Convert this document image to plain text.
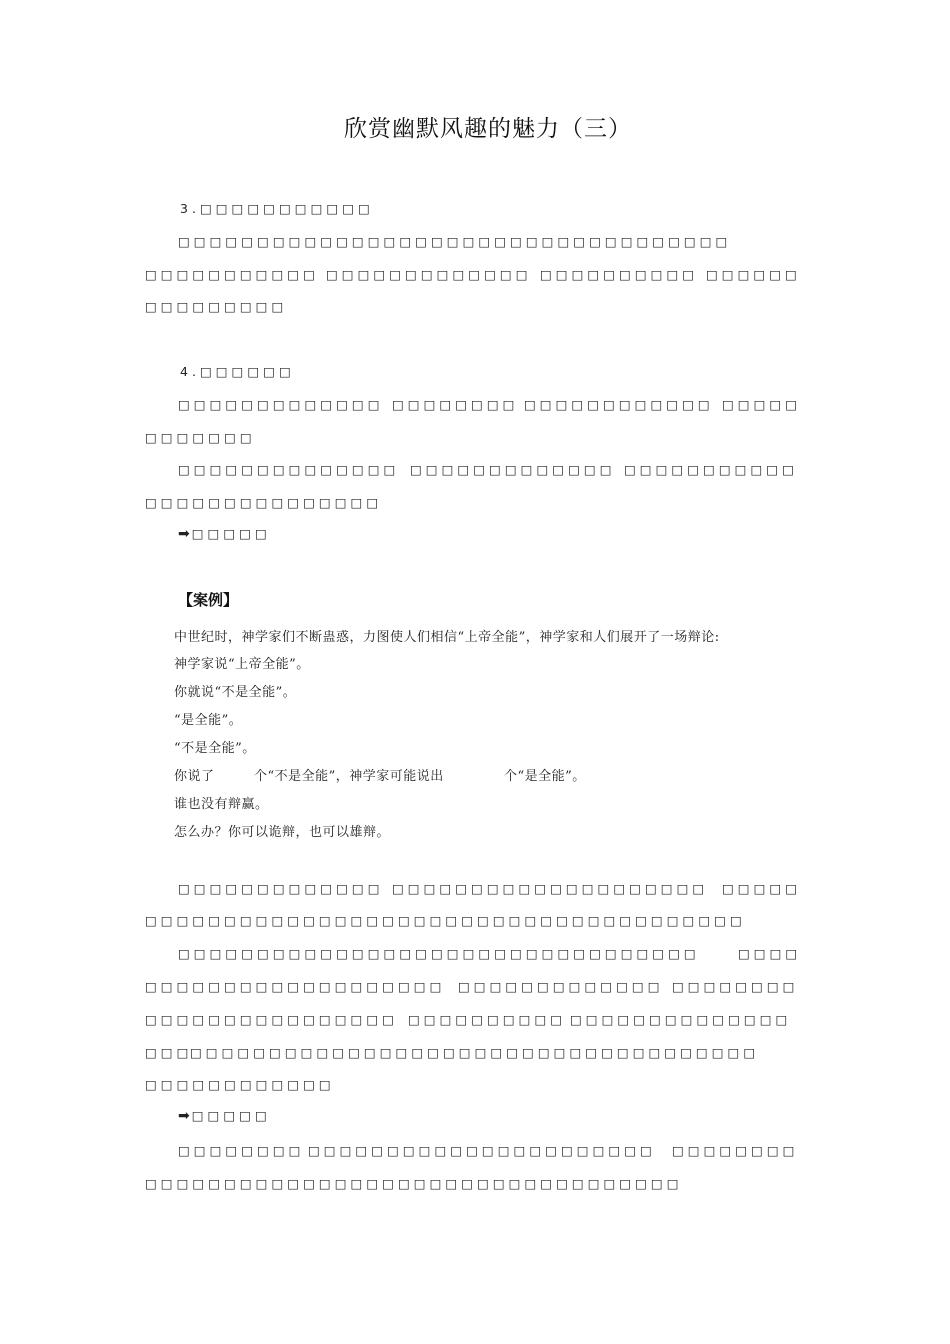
欣赏幽默风趣的魅力（三）
3.□□□□□□□□□□□
□□□□□□□□□□□□□□□□□□□□□□□□□□□□□□□□□□□
□□□□□□□□□□□ □□□□□□□□□□□□□ □□□□□□□□□□ □□□□□□
□□□□□□□□□
4.□□□□□□
□□□□□□□□□□□□□ □□□□□□□□ □□□□□□□□□□□□ □□□□□
□□□□□□□
□□□□□□□□□□□□□□ □□□□□□□□□□□□□ □□□□□□□□□□□
□□□□□□□□□□□□□□□
➡ □□□□□
【案例】
中世纪时，神学家们不断蛊惑，力图使人们相信“上帝全能”，神学家和人们展开了一场辩论:
神学家说“上帝全能”。
你就说“不是全能”。
“是全能”。
“不是全能”。
你说了	个“不是全能”，神学家可能说出	个“是全能”。
谁也没有辩赢。
怎么办？你可以诡辩，也可以雄辩。
□□□□□□□□□□□□□ □□□□□□□□□□□□□□□□□□□□ □□□□□
□□□□□□□□□□□□□□□□□□□□□□□□□□□□□□□□□□□□□□
□□□□□□□□□□□□□□□□□□□□□□□□□□□□□□□□□	□□□□
□□□□□□□□□□□□□□□□□□□ □□□□□□□□□□□□□ □□□□□□□□
□□□□□□□□□□□□□□□□ □□□□□□□□□□ □□□□□□□□□□□□□□
□□□
□□□□□□□□□□□□□□□□□□□□□□□□□□□□□□□□□□□□
□□□□□□□□□□□□
➡ □□□□□
□□□□□□□□ □□□□□□□□□□□□□□□□□□□□□□ □□□□□□□□
□□□□□□□□□□□□□□□□□□□□□□□□□□□□□□□□□□
